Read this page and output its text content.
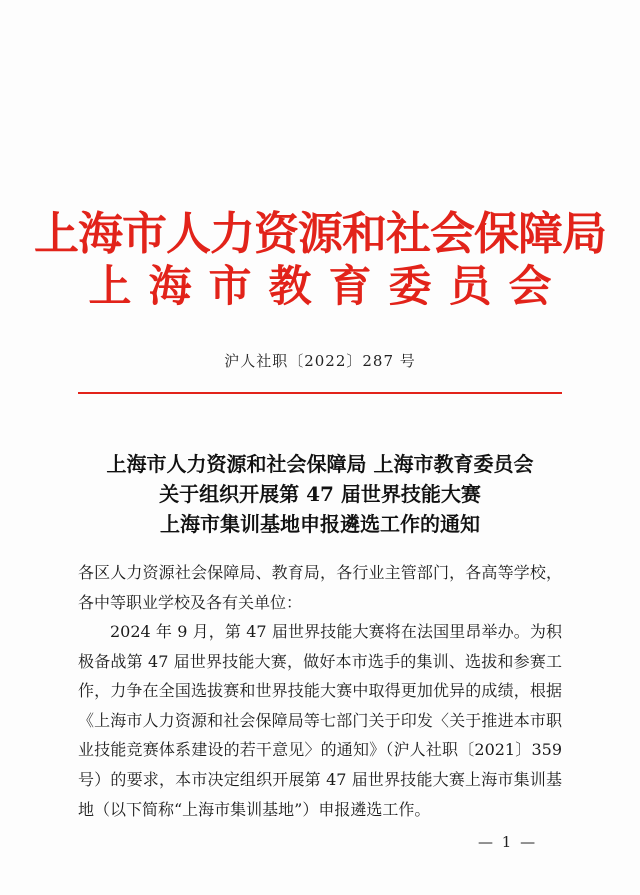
上海市人力资源和社会保障局
上海市教育委员会
沪人社职〔2022〕287 号
上海市人力资源和社会保障局 上海市教育委员会
关于组织开展第 47 届世界技能大赛
上海市集训基地申报遴选工作的通知
各区人力资源社会保障局、教育局，各行业主管部门，各高等学校，各中等职业学校及各有关单位：
2024 年 9 月，第 47 届世界技能大赛将在法国里昂举办。为积极备战第 47 届世界技能大赛，做好本市选手的集训、选拔和参赛工作，力争在全国选拔赛和世界技能大赛中取得更加优异的成绩，根据《上海市人力资源和社会保障局等七部门关于印发〈关于推进本市职业技能竞赛体系建设的若干意见〉的通知》（沪人社职〔2021〕359 号）的要求，本市决定组织开展第 47 届世界技能大赛上海市集训基地（以下简称“上海市集训基地”）申报遴选工作。
— 1 —
